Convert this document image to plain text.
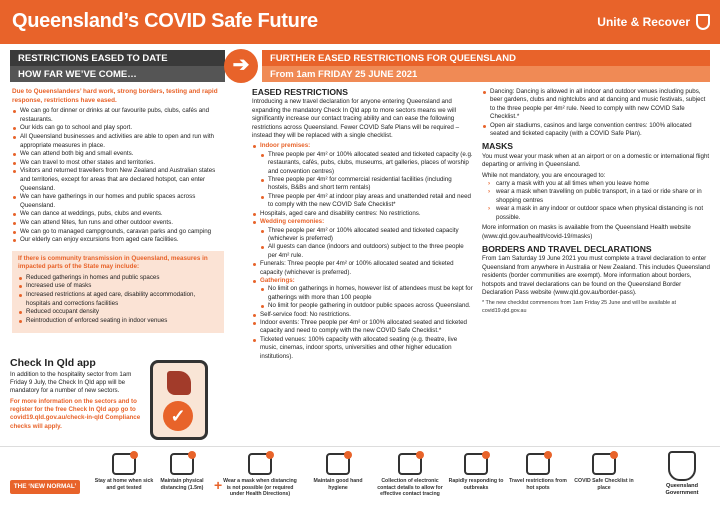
Queensland’s COVID Safe Future	Unite & Recover
RESTRICTIONS EASED TO DATE
HOW FAR WE’VE COME…	➔	FURTHER EASED RESTRICTIONS FOR QUEENSLAND
From 1am FRIDAY 25 JUNE 2021

Due to Queenslanders’ hard work, strong borders, testing and rapid response, restrictions have eased.

We can go for dinner or drinks at our favourite pubs, clubs, cafés and restaurants.
Our kids can go to school and play sport.
All Queensland businesses and activities are able to open and run with appropriate measures in place.
We can attend both big and small events.
We can travel to most other states and territories.
Visitors and returned travellers from New Zealand and Australian states and territories, except for areas that are declared hotspot, can enter Queensland.
We can have gatherings in our homes and public spaces across Queensland.
We can dance at weddings, pubs, clubs and events.
We can attend fêtes, fun runs and other outdoor events.
We can go to managed campgrounds, caravan parks and go camping
Our elderly can enjoy excursions from aged care facilities.

If there is community transmission in Queensland, measures in impacted parts of the State may include:

Reduced gatherings in homes and public spaces
Increased use of masks
Increased restrictions at aged care, disability accommodation, hospitals and corrections facilities
Reduced occupant density
Reintroduction of enforced seating in indoor venues
Check In Qld app

In addition to the hospitality sector from 1am Friday 9 July, the Check In Qld app will be mandatory for a number of new sectors.

For more information on the sectors and to register for the free Check In Qld app go to covid19.qld.gov.au/check-in-qld Compliance checks will apply.

✓
EASED RESTRICTIONS

Introducing a new travel declaration for anyone entering Queensland and expanding the mandatory Check In Qld app to more sectors means we will significantly increase our contact tracing ability and can ease the following restrictions across Queensland. Fewer COVID Safe Plans will be required – instead they will be replaced with a single checklist.

Indoor premises:
Three people per 4m² or 100% allocated seated and ticketed capacity (e.g. restaurants, cafés, pubs, clubs, museums, art galleries, places of worship and convention centres)
Three people per 4m² for commercial residential facilities (including hostels, B&Bs and short term rentals)
Three people per 4m² at indoor play areas and unattended retail and need to comply with the new COVID Safe Checklist*
Hospitals, aged care and disability centres: No restrictions.
Wedding ceremonies:
Three people per 4m² or 100% allocated seated and ticketed capacity (whichever is preferred)
All guests can dance (indoors and outdoors) subject to the three people per 4m² rule.
Funerals: Three people per 4m² or 100% allocated seated and ticketed capacity (whichever is preferred).
Gatherings:
No limit on gatherings in homes, however list of attendees must be kept for gatherings with more than 100 people
No limit for people gathering in outdoor public spaces across Queensland.
Self-service food: No restrictions.
Indoor events: Three people per 4m² or 100% allocated seated and ticketed capacity and need to comply with the new COVID Safe Checklist.*
Ticketed venues: 100% capacity with allocated seating (e.g. theatre, live music, cinemas, indoor sports, universities and other higher education institutions).
Dancing: Dancing is allowed in all indoor and outdoor venues including pubs, beer gardens, clubs and nightclubs and at dancing and music festivals, subject to the three people per 4m² rule. Need to comply with new COVID Safe Checklist.*
Open air stadiums, casinos and large convention centres: 100% allocated seated and ticketed capacity (with a COVID Safe Plan).
MASKS

You must wear your mask when at an airport or on a domestic or international flight departing or arriving in Queensland.

While not mandatory, you are encouraged to:

› carry a mask with you at all times when you leave home
› wear a mask when travelling on public transport, in a taxi or ride share or in shopping centres
› wear a mask in any indoor or outdoor space when physical distancing is not possible.

More information on masks is available from the Queensland Health website (www.qld.gov.au/health/covid-19/masks)

BORDERS AND TRAVEL DECLARATIONS

From 1am Saturday 19 June 2021 you must complete a travel declaration to enter Queensland from anywhere in Australia or New Zealand. This includes Queensland residents (border communities are exempt). More information about borders, hotspots and travel declarations can be found on the Queensland Border Declaration Pass website (www.qld.gov.au/border-pass).

* The new checklist commences from 1am Friday 25 June and will be available at covid19.qld.gov.au

THE ‘NEW NORMAL’
Stay at home when sick and get tested
Maintain physical distancing (1.5m) + Wear a mask when distancing is not possible (or required under Health Directions)
Maintain good hand hygiene
Collection of electronic contact details to allow for effective contact tracing
Rapidly responding to outbreaks
Travel restrictions from hot spots
COVID Safe Checklist in place	Queensland
Government
